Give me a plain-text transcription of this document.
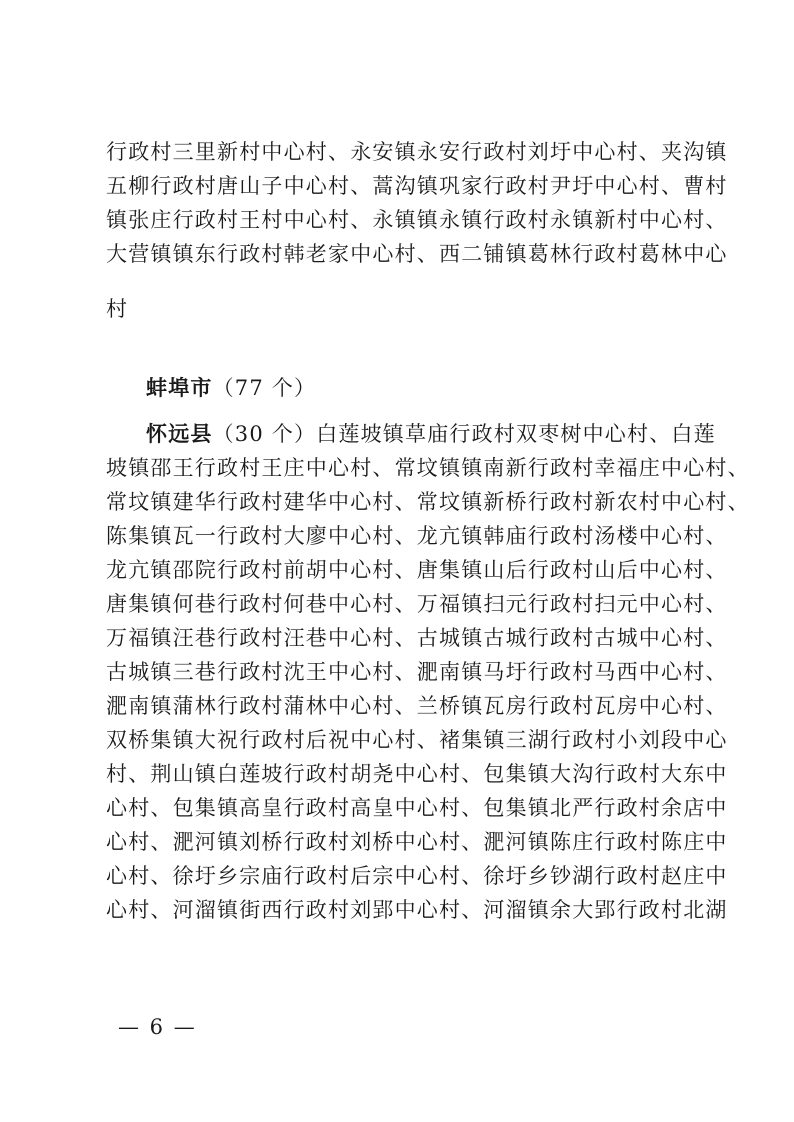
​
行政村三里新村中心村、永安镇永安行政村刘圩中心村、夹沟镇
五柳行政村唐山子中心村、蒿沟镇巩家行政村尹圩中心村、曹村
镇张庄行政村王村中心村、永镇镇永镇行政村永镇新村中心村、
大营镇镇东行政村韩老家中心村、西二铺镇葛林行政村葛林中心
村
蚌埠市（77 个）
怀远县（30 个）白莲坡镇草庙行政村双枣树中心村、白莲
坡镇邵王行政村王庄中心村、常坟镇镇南新行政村幸福庄中心村、
常坟镇建华行政村建华中心村、常坟镇新桥行政村新农村中心村、
陈集镇瓦一行政村大廖中心村、龙亢镇韩庙行政村汤楼中心村、
龙亢镇邵院行政村前胡中心村、唐集镇山后行政村山后中心村、
唐集镇何巷行政村何巷中心村、万福镇扫元行政村扫元中心村、
万福镇汪巷行政村汪巷中心村、古城镇古城行政村古城中心村、
古城镇三巷行政村沈王中心村、淝南镇马圩行政村马西中心村、
淝南镇蒲林行政村蒲林中心村、兰桥镇瓦房行政村瓦房中心村、
双桥集镇大祝行政村后祝中心村、褚集镇三湖行政村小刘段中心
村、荆山镇白莲坡行政村胡尧中心村、包集镇大沟行政村大东中
心村、包集镇高皇行政村高皇中心村、包集镇北严行政村余店中
心村、淝河镇刘桥行政村刘桥中心村、淝河镇陈庄行政村陈庄中
心村、徐圩乡宗庙行政村后宗中心村、徐圩乡钞湖行政村赵庄中
心村、河溜镇街西行政村刘郢中心村、河溜镇余大郢行政村北湖
— 6 —
